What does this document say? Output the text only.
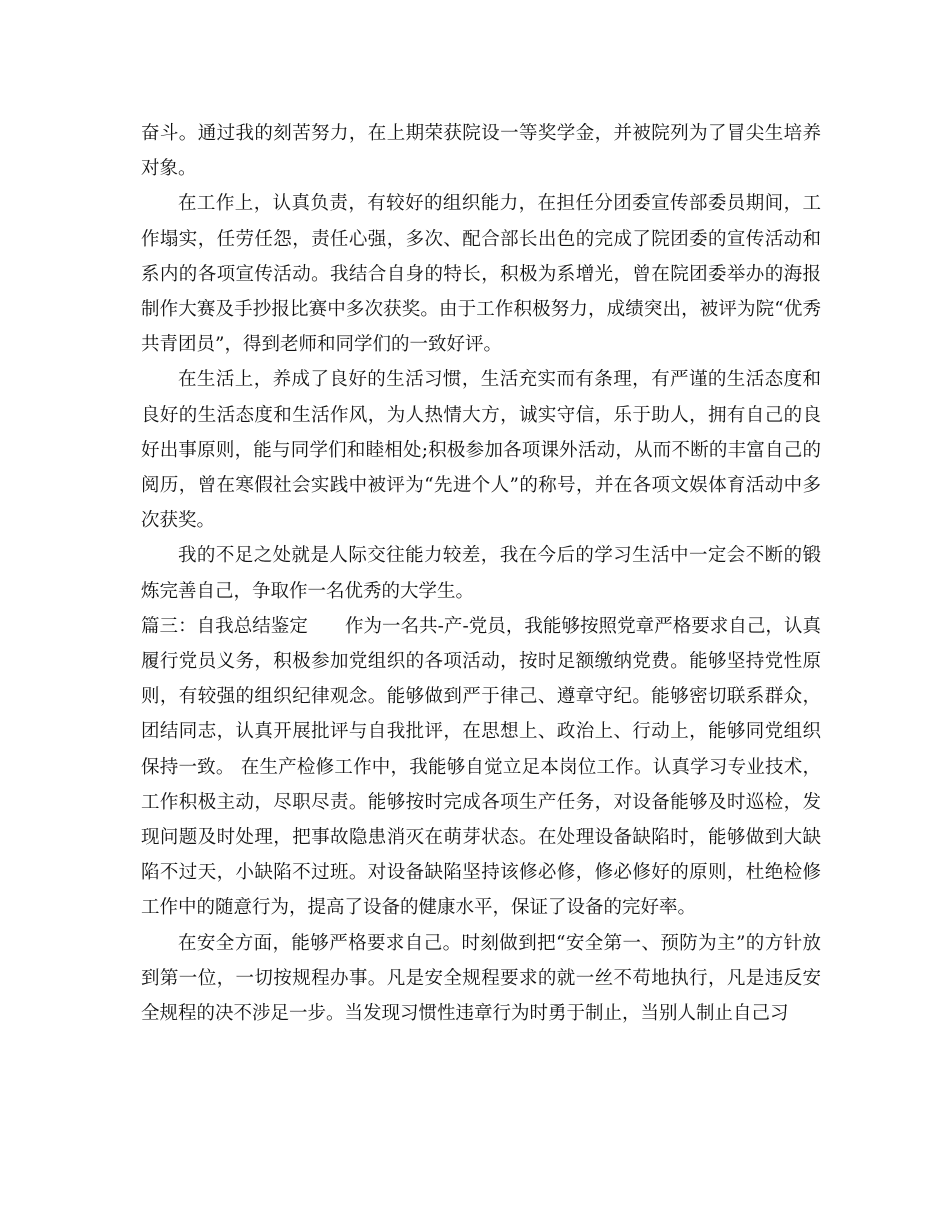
奋斗。通过我的刻苦努力，在上期荣获院设一等奖学金，并被院列为了冒尖生培养对象。

在工作上，认真负责，有较好的组织能力，在担任分团委宣传部委员期间，工作塌实，任劳任怨，责任心强，多次、配合部长出色的完成了院团委的宣传活动和系内的各项宣传活动。我结合自身的特长，积极为系增光，曾在院团委举办的海报制作大赛及手抄报比赛中多次获奖。由于工作积极努力，成绩突出，被评为院“优秀共青团员”，得到老师和同学们的一致好评。

在生活上，养成了良好的生活习惯，生活充实而有条理，有严谨的生活态度和良好的生活态度和生活作风，为人热情大方，诚实守信，乐于助人，拥有自己的良好出事原则，能与同学们和睦相处;积极参加各项课外活动，从而不断的丰富自己的阅历，曾在寒假社会实践中被评为“先进个人”的称号，并在各项文娱体育活动中多次获奖。

我的不足之处就是人际交往能力较差，我在今后的学习生活中一定会不断的锻炼完善自己，争取作一名优秀的大学生。

篇三：自我总结鉴定　　作为一名共-产-党员，我能够按照党章严格要求自己，认真履行党员义务，积极参加党组织的各项活动，按时足额缴纳党费。能够坚持党性原则，有较强的组织纪律观念。能够做到严于律己、遵章守纪。能够密切联系群众，团结同志，认真开展批评与自我批评，在思想上、政治上、行动上，能够同党组织保持一致。 在生产检修工作中，我能够自觉立足本岗位工作。认真学习专业技术，工作积极主动，尽职尽责。能够按时完成各项生产任务，对设备能够及时巡检，发现问题及时处理，把事故隐患消灭在萌芽状态。在处理设备缺陷时，能够做到大缺陷不过天，小缺陷不过班。对设备缺陷坚持该修必修，修必修好的原则，杜绝检修工作中的随意行为，提高了设备的健康水平，保证了设备的完好率。

在安全方面，能够严格要求自己。时刻做到把“安全第一、预防为主”的方针放到第一位，一切按规程办事。凡是安全规程要求的就一丝不苟地执行，凡是违反安全规程的决不涉足一步。当发现习惯性违章行为时勇于制止，当别人制止自己习
